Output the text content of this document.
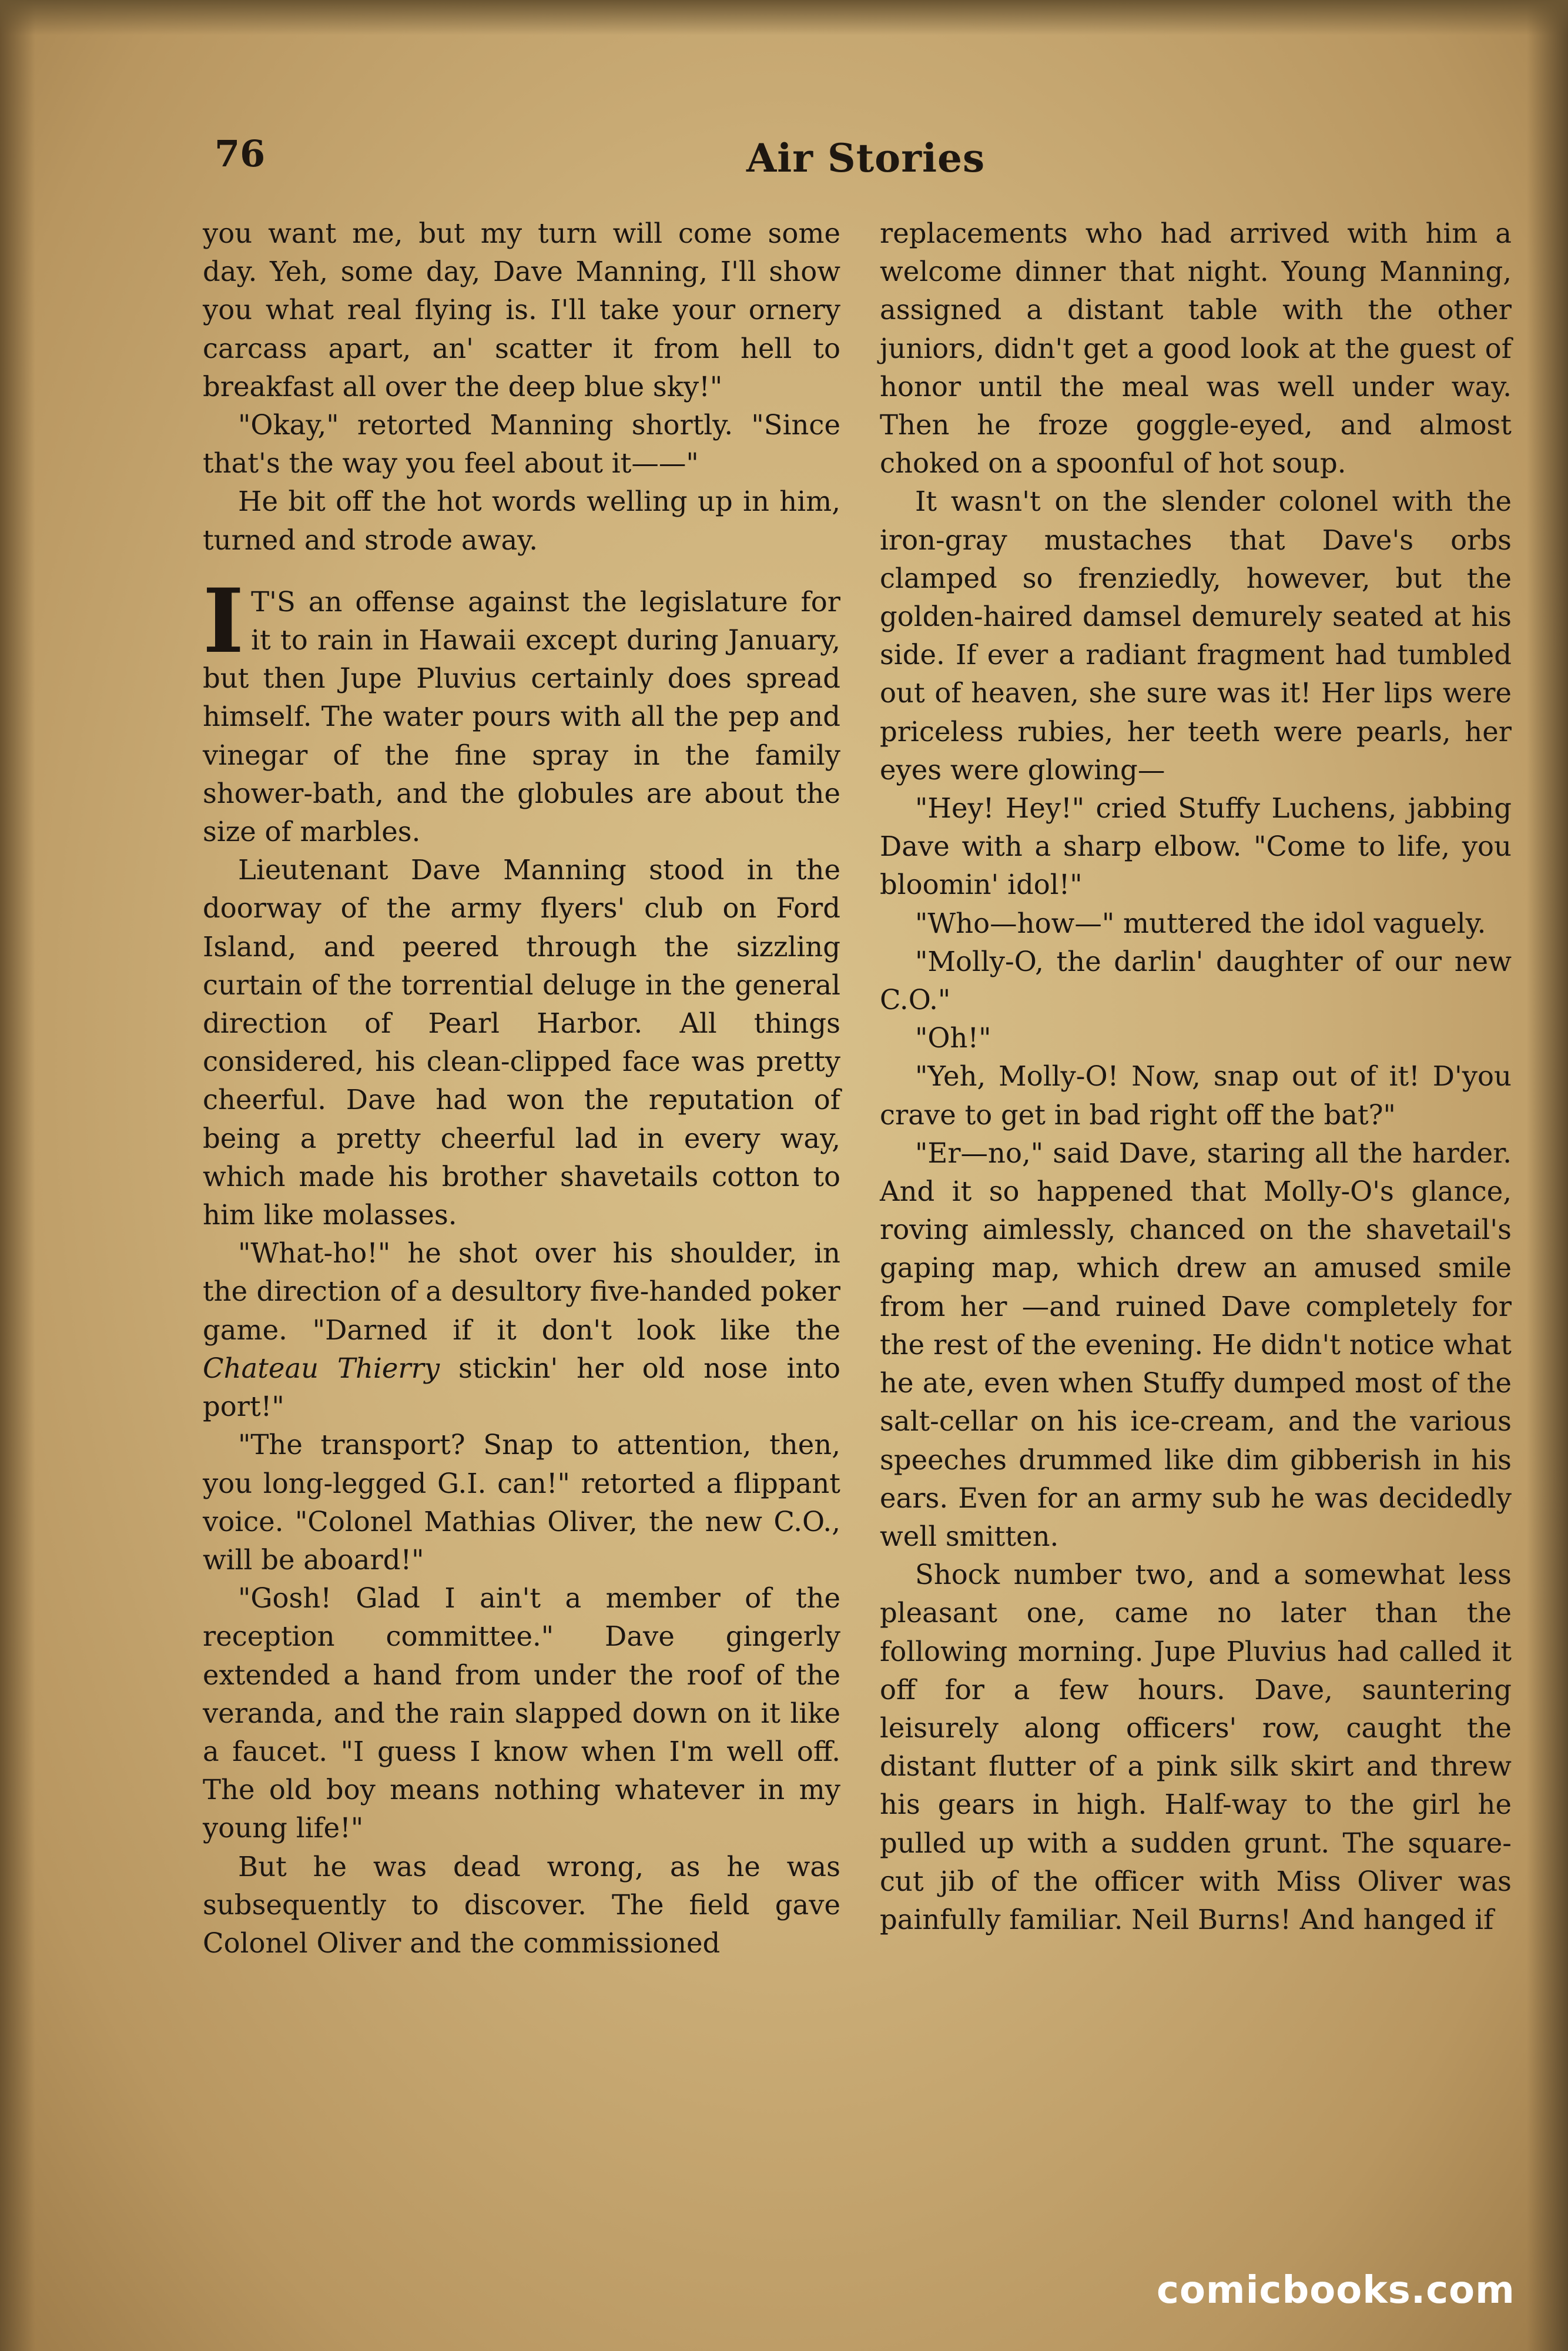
76	Air Stories

you want me, but my turn will come some day. Yeh, some day, Dave Manning, I'll show you what real flying is. I'll take your ornery carcass apart, an' scatter it from hell to breakfast all over the deep blue sky!"

"Okay," retorted Manning shortly. "Since that's the way you feel about it——"

He bit off the hot words welling up in him, turned and strode away.

I T'S an offense against the legislature for it to rain in Hawaii except during January, but then Jupe Pluvius certainly does spread himself. The water pours with all the pep and vinegar of the fine spray in the family shower-bath, and the globules are about the size of marbles.

Lieutenant Dave Manning stood in the doorway of the army flyers' club on Ford Island, and peered through the sizzling curtain of the torrential deluge in the general direction of Pearl Harbor. All things considered, his clean-clipped face was pretty cheerful. Dave had won the reputation of being a pretty cheerful lad in every way, which made his brother shavetails cotton to him like molasses.

"What-ho!" he shot over his shoulder, in the direction of a desultory five-handed poker game. "Darned if it don't look like the Chateau Thierry stickin' her old nose into port!"

"The transport? Snap to attention, then, you long-legged G.I. can!" retorted a flippant voice. "Colonel Mathias Oliver, the new C.O., will be aboard!"

"Gosh! Glad I ain't a member of the reception committee." Dave gingerly extended a hand from under the roof of the veranda, and the rain slapped down on it like a faucet. "I guess I know when I'm well off. The old boy means nothing whatever in my young life!"

But he was dead wrong, as he was subsequently to discover. The field gave Colonel Oliver and the commissioned

replacements who had arrived with him a welcome dinner that night. Young Manning, assigned a distant table with the other juniors, didn't get a good look at the guest of honor until the meal was well under way. Then he froze goggle-eyed, and almost choked on a spoonful of hot soup.

It wasn't on the slender colonel with the iron-gray mustaches that Dave's orbs clamped so frenziedly, however, but the golden-haired damsel demurely seated at his side. If ever a radiant fragment had tumbled out of heaven, she sure was it! Her lips were priceless rubies, her teeth were pearls, her eyes were glowing—

"Hey! Hey!" cried Stuffy Luchens, jabbing Dave with a sharp elbow. "Come to life, you bloomin' idol!"

"Who—how—" muttered the idol vaguely.

"Molly-O, the darlin' daughter of our new C.O."

"Oh!"

"Yeh, Molly-O! Now, snap out of it! D'you crave to get in bad right off the bat?"

"Er—no," said Dave, staring all the harder. And it so happened that Molly-O's glance, roving aimlessly, chanced on the shavetail's gaping map, which drew an amused smile from her —and ruined Dave completely for the rest of the evening. He didn't notice what he ate, even when Stuffy dumped most of the salt-cellar on his ice-cream, and the various speeches drummed like dim gibberish in his ears. Even for an army sub he was decidedly well smitten.

Shock number two, and a somewhat less pleasant one, came no later than the following morning. Jupe Pluvius had called it off for a few hours. Dave, sauntering leisurely along officers' row, caught the distant flutter of a pink silk skirt and threw his gears in high. Half-way to the girl he pulled up with a sudden grunt. The square-cut jib of the officer with Miss Oliver was painfully familiar. Neil Burns! And hanged if

comicbooks.com
